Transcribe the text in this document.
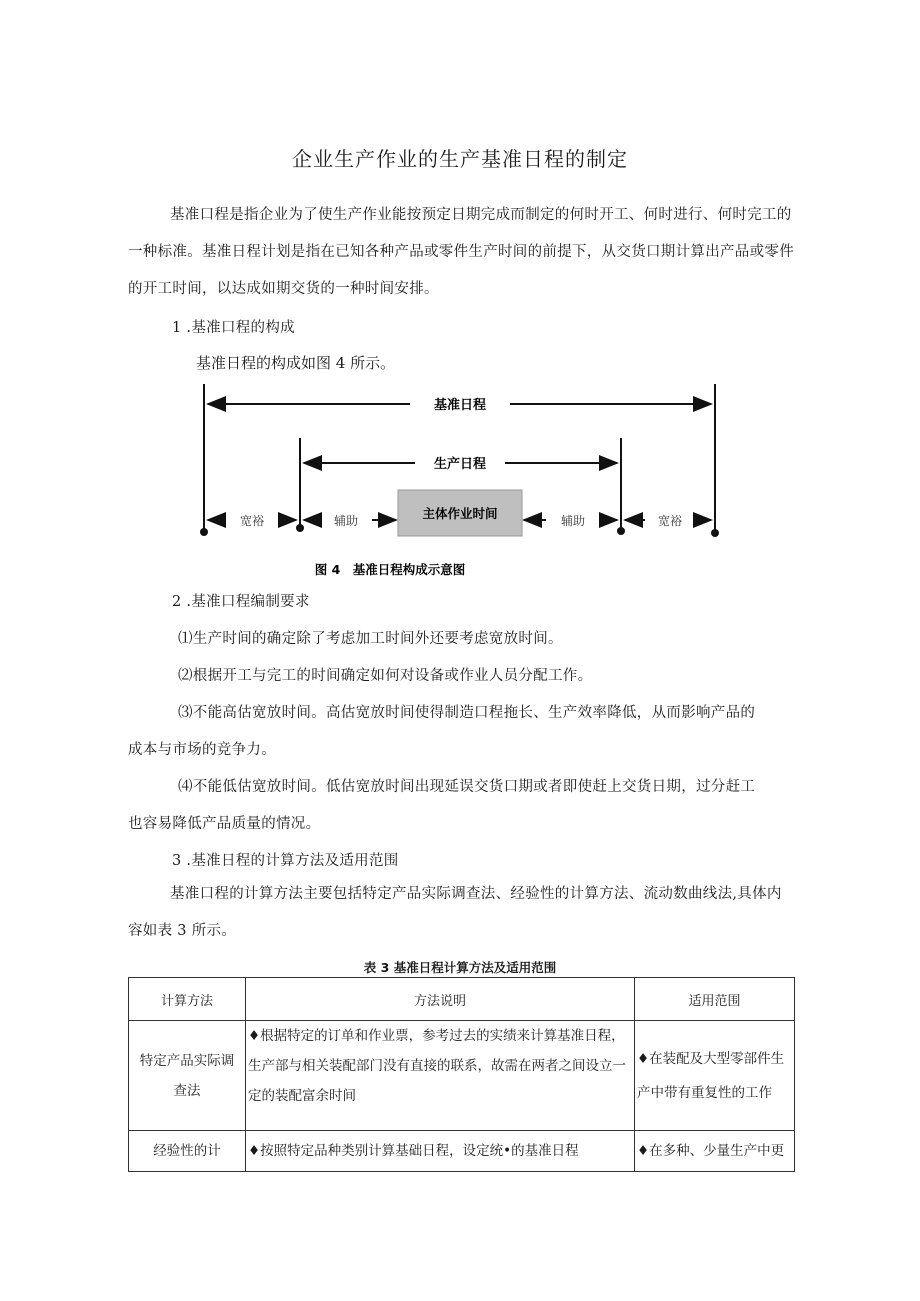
企业生产作业的生产基准日程的制定
基准口程是指企业为了使生产作业能按预定日期完成而制定的何时开工、何时进行、何时完工的一种标准。基准日程计划是指在已知各种产品或零件生产时间的前提下，从交货口期计算出产品或零件的开工时间，以达成如期交货的一种时间安排。
1 .基准口程的构成
基准日程的构成如图 4 所示。
基准日程
生产日程
主体作业时间
宽裕	辅助	辅助	宽裕
图 4　基准日程构成示意图
2 .基准口程编制要求
⑴生产时间的确定除了考虑加工时间外还要考虑宽放时间。
⑵根据开工与完工的时间确定如何对设备或作业人员分配工作。
⑶不能高估宽放时间。高估宽放时间使得制造口程拖长、生产效率降低，从而影响产品的
成本与市场的竞争力。
⑷不能低估宽放时间。低估宽放时间出现延误交货口期或者即使赶上交货日期，过分赶工
也容易降低产品质量的情况。
3 .基准日程的计算方法及适用范围
基准口程的计算方法主要包括特定产品实际调查法、经验性的计算方法、流动数曲线法,具体内容如表 3 所示。
表 3 基准日程计算方法及适用范围
计算方法	方法说明	适用范围
特定产品实际调查法	♦根据特定的订单和作业票，参考过去的实绩来计算基准日程，生产部与相关装配部门没有直接的联系，故需在两者之间设立一定的装配富余时间	♦在装配及大型零部件生产中带有重复性的工作
经验性的计	♦按照特定品种类别计算基础日程，设定统•的基准日程	♦在多种、少量生产中更
